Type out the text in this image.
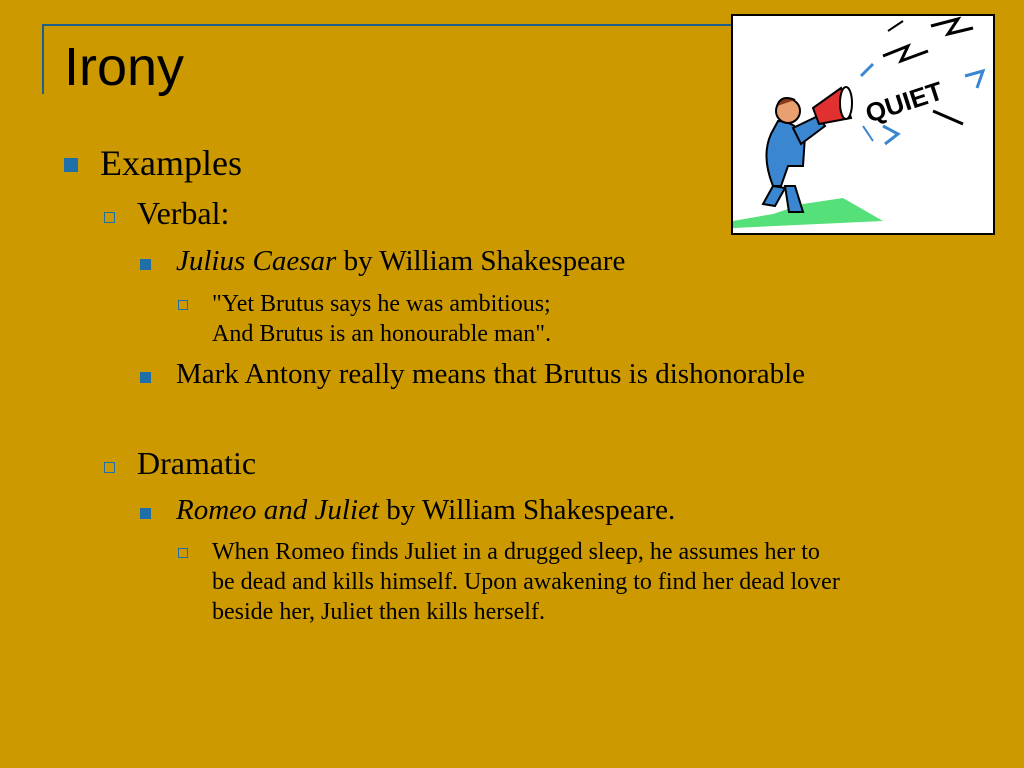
Irony
QUIET
Examples
Verbal:
Julius Caesar by William Shakespeare
"Yet Brutus says he was ambitious;
And Brutus is an honourable man".
Mark Antony really means that Brutus is dishonorable
Dramatic
Romeo and Juliet by William Shakespeare.
When Romeo finds Juliet in a drugged sleep, he assumes her to
be dead and kills himself. Upon awakening to find her dead lover
beside her, Juliet then kills herself.
